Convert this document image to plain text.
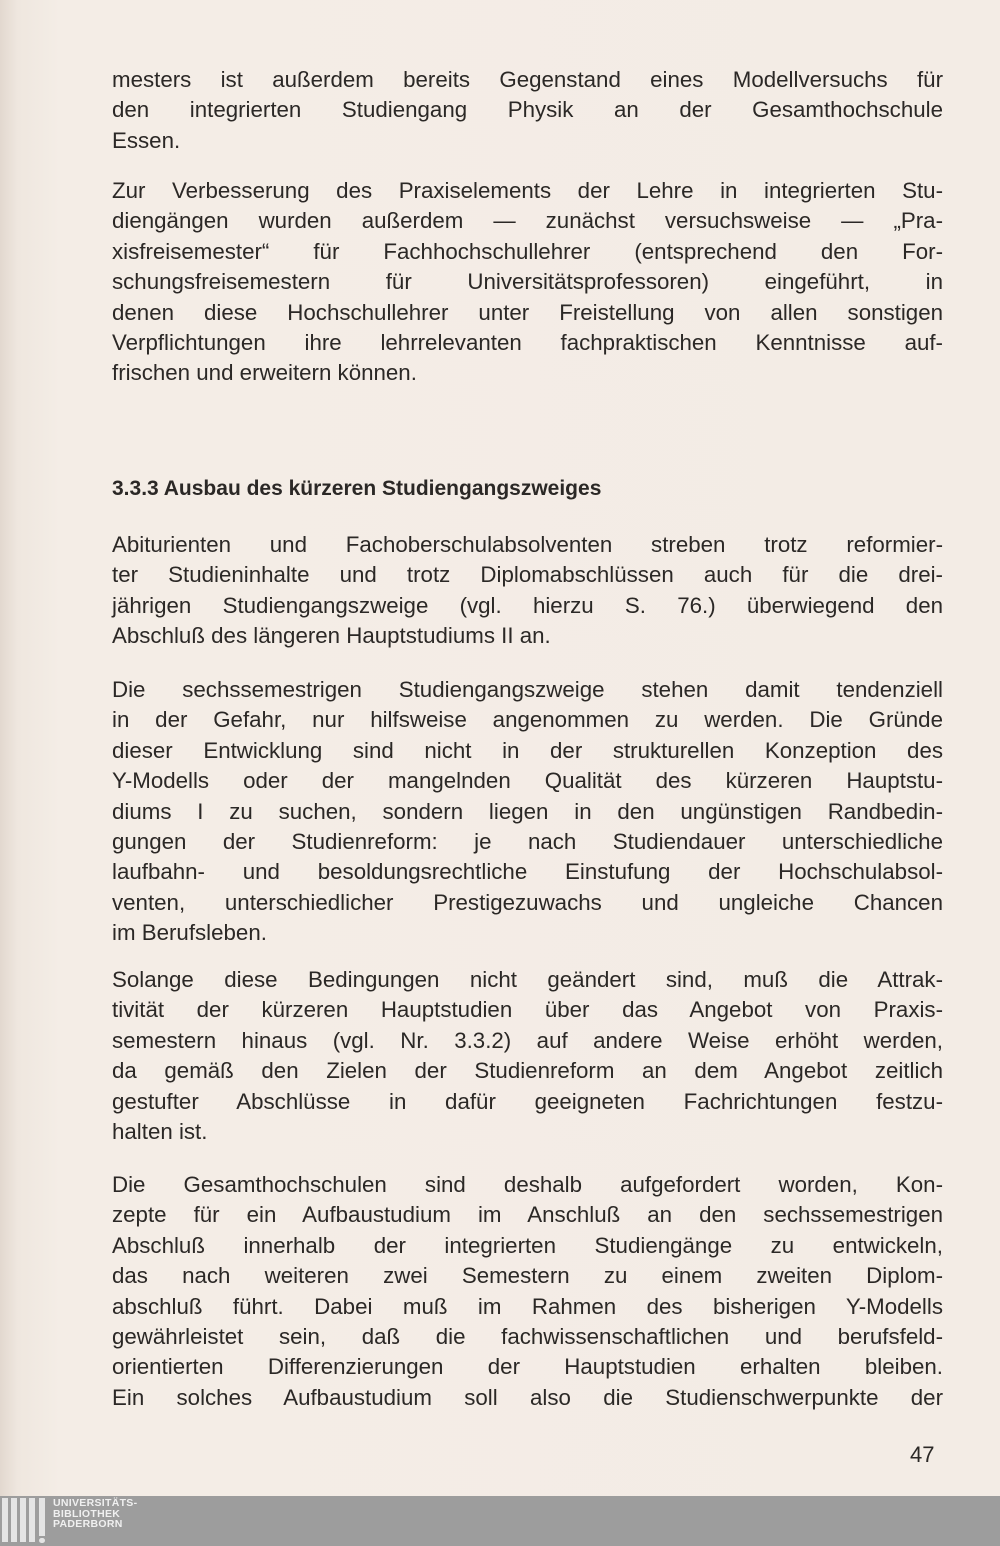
mesters ist außerdem bereits Gegenstand eines Modellversuchs für
den integrierten Studiengang Physik an der Gesamthochschule
Essen.
Zur Verbesserung des Praxiselements der Lehre in integrierten Stu-
diengängen wurden außerdem — zunächst versuchsweise — „Pra-
xisfreisemester“ für Fachhochschullehrer (entsprechend den For-
schungsfreisemestern für Universitätsprofessoren) eingeführt, in
denen diese Hochschullehrer unter Freistellung von allen sonstigen
Verpflichtungen ihre lehrrelevanten fachpraktischen Kenntnisse auf-
frischen und erweitern können.
3.3.3 Ausbau des kürzeren Studiengangszweiges
Abiturienten und Fachoberschulabsolventen streben trotz reformier-
ter Studieninhalte und trotz Diplomabschlüssen auch für die drei-
jährigen Studiengangszweige (vgl. hierzu S. 76.) überwiegend den
Abschluß des längeren Hauptstudiums II an.
Die sechssemestrigen Studiengangszweige stehen damit tendenziell
in der Gefahr, nur hilfsweise angenommen zu werden. Die Gründe
dieser Entwicklung sind nicht in der strukturellen Konzeption des
Y-Modells oder der mangelnden Qualität des kürzeren Hauptstu-
diums I zu suchen, sondern liegen in den ungünstigen Randbedin-
gungen der Studienreform: je nach Studiendauer unterschiedliche
laufbahn- und besoldungsrechtliche Einstufung der Hochschulabsol-
venten, unterschiedlicher Prestigezuwachs und ungleiche Chancen
im Berufsleben.
Solange diese Bedingungen nicht geändert sind, muß die Attrak-
tivität der kürzeren Hauptstudien über das Angebot von Praxis-
semestern hinaus (vgl. Nr. 3.3.2) auf andere Weise erhöht werden,
da gemäß den Zielen der Studienreform an dem Angebot zeitlich
gestufter Abschlüsse in dafür geeigneten Fachrichtungen festzu-
halten ist.
Die Gesamthochschulen sind deshalb aufgefordert worden, Kon-
zepte für ein Aufbaustudium im Anschluß an den sechssemestrigen
Abschluß innerhalb der integrierten Studiengänge zu entwickeln,
das nach weiteren zwei Semestern zu einem zweiten Diplom-
abschluß führt. Dabei muß im Rahmen des bisherigen Y-Modells
gewährleistet sein, daß die fachwissenschaftlichen und berufsfeld-
orientierten Differenzierungen der Hauptstudien erhalten bleiben.
Ein solches Aufbaustudium soll also die Studienschwerpunkte der
47
UNIVERSITÄTS-
BIBLIOTHEK
PADERBORN
